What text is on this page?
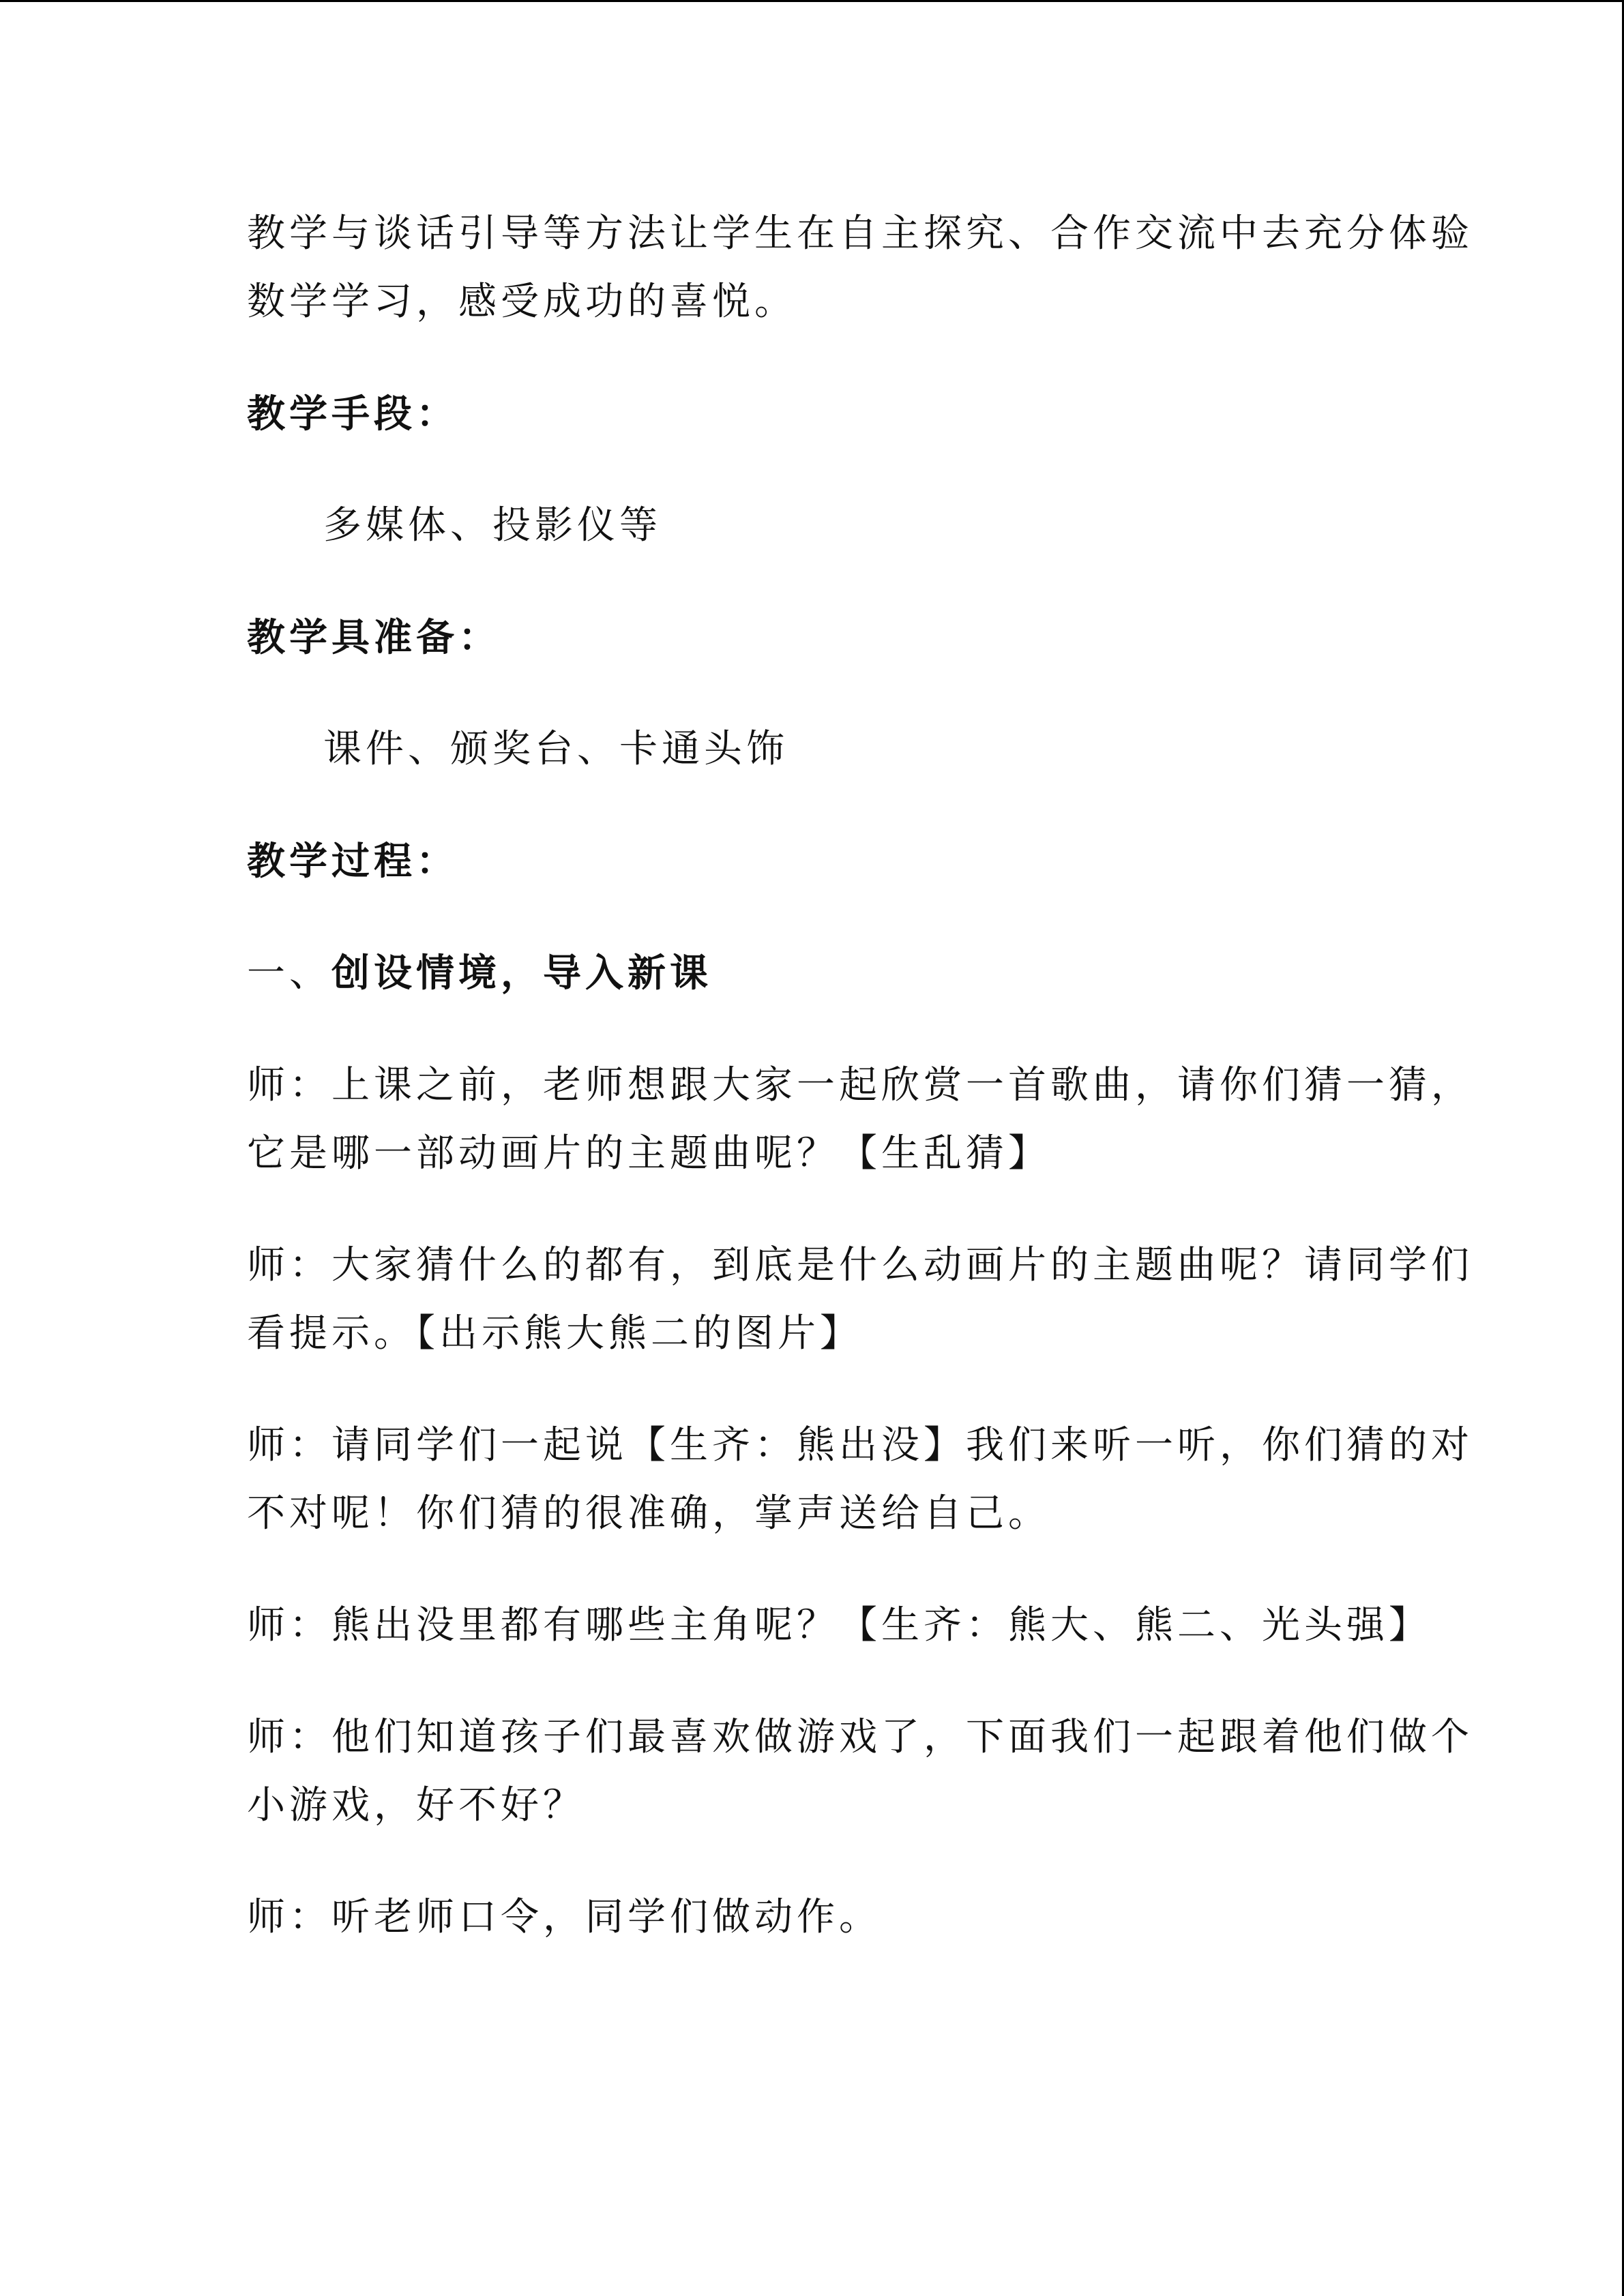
教学与谈话引导等方法让学生在自主探究、合作交流中去充分体验

数学学习，感受成功的喜悦。

教学手段：

多媒体、投影仪等

教学具准备：

课件、颁奖台、卡通头饰

教学过程：

一、创设情境，导入新课

师：上课之前，老师想跟大家一起欣赏一首歌曲，请你们猜一猜，

它是哪一部动画片的主题曲呢？【生乱猜】

师：大家猜什么的都有，到底是什么动画片的主题曲呢？请同学们

看提示。【出示熊大熊二的图片】

师：请同学们一起说【生齐：熊出没】我们来听一听，你们猜的对

不对呢！你们猜的很准确，掌声送给自己。

师：熊出没里都有哪些主角呢？【生齐：熊大、熊二、光头强】

师：他们知道孩子们最喜欢做游戏了，下面我们一起跟着他们做个

小游戏，好不好？

师：听老师口令，同学们做动作。
